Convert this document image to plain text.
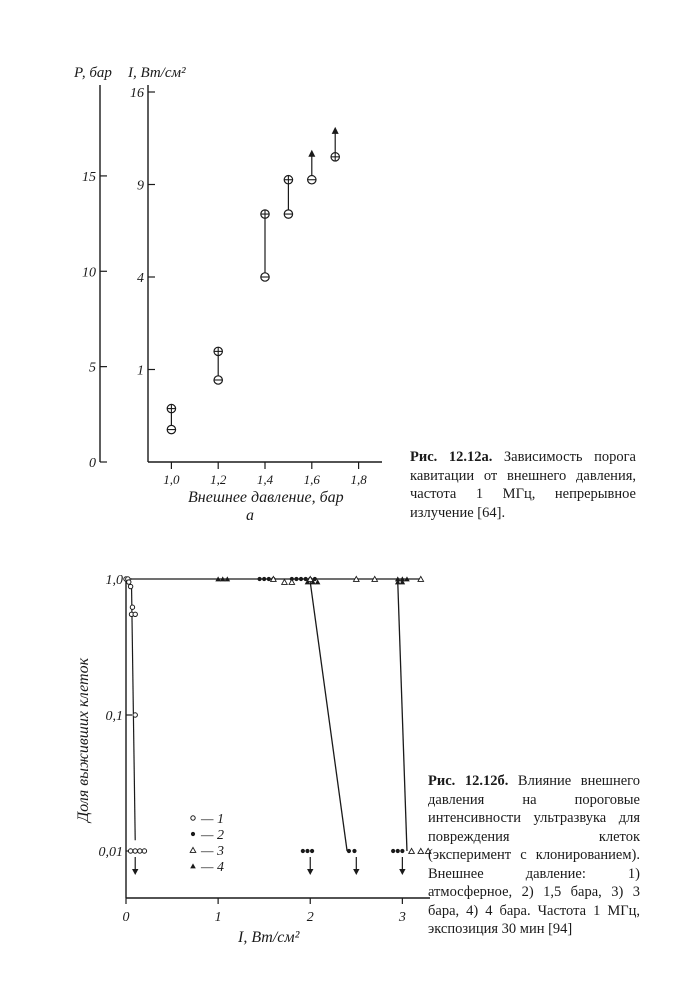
0
5
10
15
1
4
9
16
1,0 1,2 1,4 1,6 1,8
Р, бар I, Вт/см²
Внешнее давление, бар
а
0,01
0,1
1,0
0	1	2	3
— 1
— 2
— 3
— 4
Доля выживших клеток
I, Вт/см²
Рис. 12.12а. Зависимость порога кавитации от внешнего давления, частота 1 МГц, непрерывное излучение [64].
Рис. 12.12б. Влияние внешнего давления на пороговые интенсивности ультразвука для повреждения клеток (эксперимент с клонированием). Внешнее давление: 1) атмосферное, 2) 1,5 бара, 3) 3 бара, 4) 4 бара. Частота 1 МГц, экспозиция 30 мин [94]
